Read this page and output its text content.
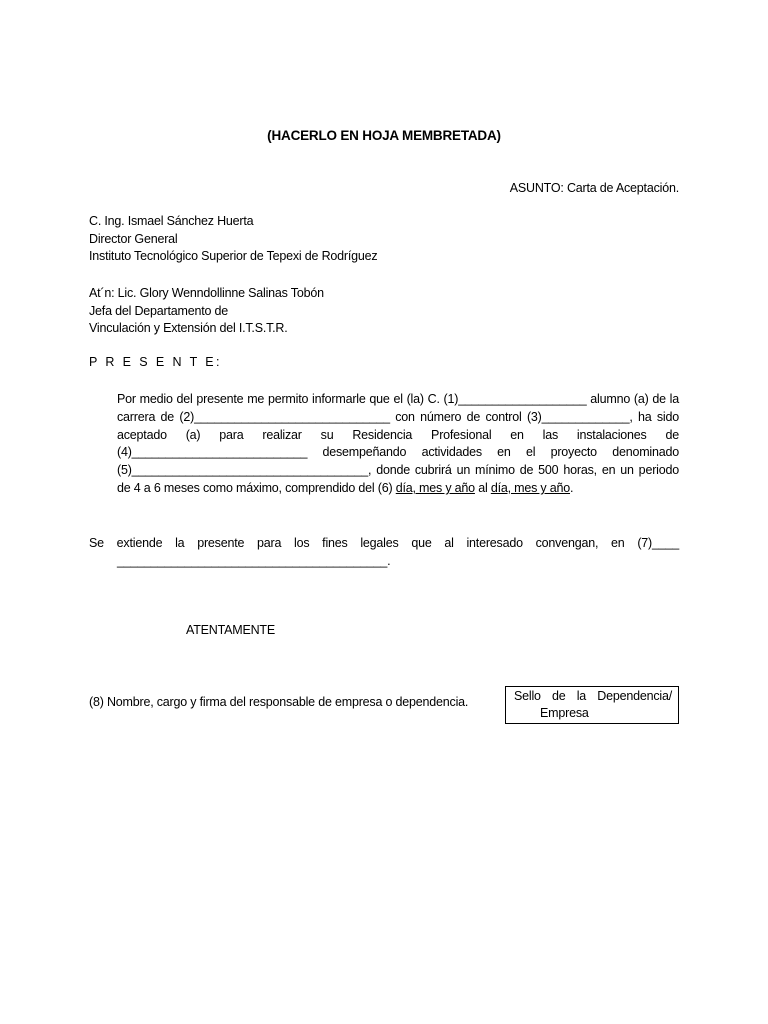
(HACERLO EN HOJA MEMBRETADA)
ASUNTO: Carta de Aceptación.
C. Ing. Ismael Sánchez Huerta
Director General
Instituto Tecnológico Superior de Tepexi de Rodríguez
At´n: Lic. Glory Wenndollinne Salinas Tobón
Jefa del Departamento de
Vinculación y Extensión del I.T.S.T.R.
P R E S E N T E:
Por medio del presente me permito informarle que el (la) C. (1)___________________ alumno (a) de la carrera de (2)_____________________________ con número de control (3)_____________, ha sido aceptado (a) para realizar su Residencia Profesional en las instalaciones de (4)__________________________ desempeñando actividades en el proyecto denominado (5)___________________________________, donde cubrirá un mínimo de 500 horas, en un periodo de 4 a 6 meses como máximo, comprendido del (6) día, mes y año al día, mes y año.
Se extiende la presente para los fines legales que al interesado convengan, en (7)____
________________________________________.
ATENTAMENTE
(8) Nombre, cargo y firma del responsable de empresa o dependencia.	Sello de la Dependencia/
Empresa
